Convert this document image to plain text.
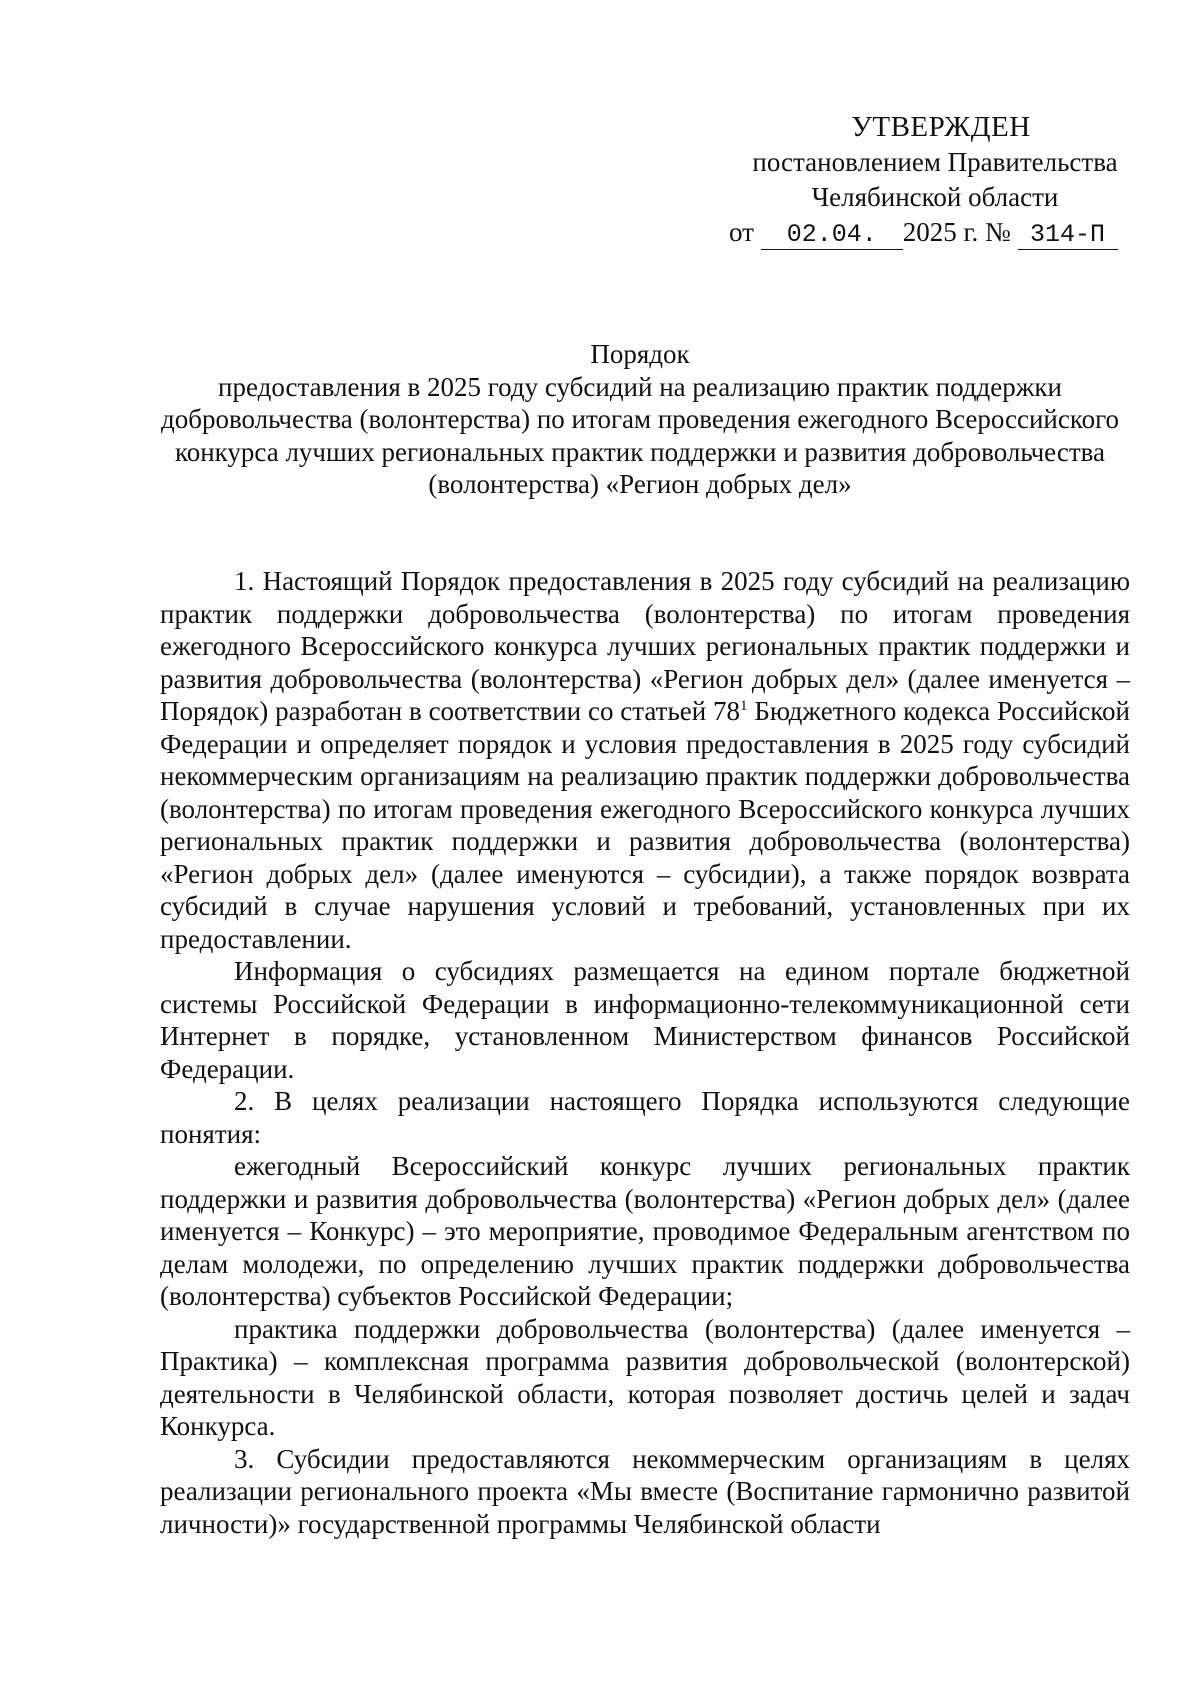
УТВЕРЖДЕН
постановлением Правительства
Челябинской области
от 02.04. 2025 г. № 314-П
Порядок
предоставления в 2025 году субсидий на реализацию практик поддержки добровольчества (волонтерства) по итогам проведения ежегодного Всероссийского конкурса лучших региональных практик поддержки и развития добровольчества (волонтерства) «Регион добрых дел»

1. Настоящий Порядок предоставления в 2025 году субсидий на реализацию практик поддержки добровольчества (волонтерства) по итогам проведения ежегодного Всероссийского конкурса лучших региональных практик поддержки и развития добровольчества (волонтерства) «Регион добрых дел» (далее именуется – Порядок) разработан в соответствии со статьей $78^1$ Бюджетного кодекса Российской Федерации и определяет порядок и условия предоставления в 2025 году субсидий некоммерческим организациям на реализацию практик поддержки добровольчества (волонтерства) по итогам проведения ежегодного Всероссийского конкурса лучших региональных практик поддержки и развития добровольчества (волонтерства) «Регион добрых дел» (далее именуются – субсидии), а также порядок возврата субсидий в случае нарушения условий и требований, установленных при их предоставлении.

Информация о субсидиях размещается на едином портале бюджетной системы Российской Федерации в информационно-телекоммуникационной сети Интернет в порядке, установленном Министерством финансов Российской Федерации.

2. В целях реализации настоящего Порядка используются следующие понятия:

ежегодный Всероссийский конкурс лучших региональных практик поддержки и развития добровольчества (волонтерства) «Регион добрых дел» (далее именуется – Конкурс) – это мероприятие, проводимое Федеральным агентством по делам молодежи, по определению лучших практик поддержки добровольчества (волонтерства) субъектов Российской Федерации;

практика поддержки добровольчества (волонтерства) (далее именуется – Практика) – комплексная программа развития добровольческой (волонтерской) деятельности в Челябинской области, которая позволяет достичь целей и задач Конкурса.

3. Субсидии предоставляются некоммерческим организациям в целях реализации регионального проекта «Мы вместе (Воспитание гармонично развитой личности)» государственной программы Челябинской области
